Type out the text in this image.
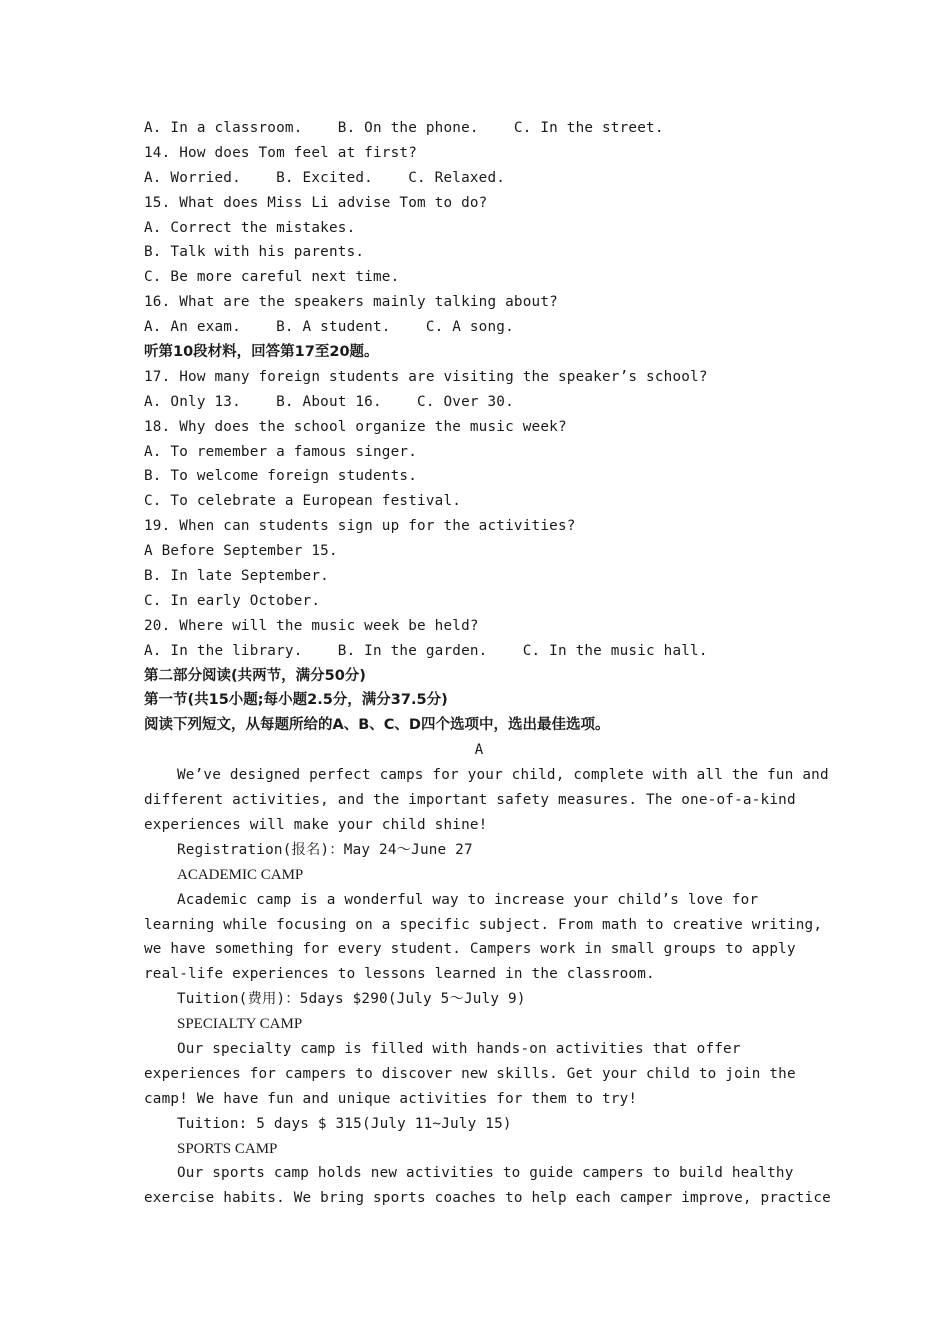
A. In a classroom.    B. On the phone.    C. In the street.
14. How does Tom feel at first?
A. Worried.    B. Excited.    C. Relaxed.
15. What does Miss Li advise Tom to do?
A. Correct the mistakes.
B. Talk with his parents.
C. Be more careful next time.
16. What are the speakers mainly talking about?
A. An exam.    B. A student.    C. A song.
听第10段材料，回答第17至20题。
17. How many foreign students are visiting the speaker’s school?
A. Only 13.    B. About 16.    C. Over 30.
18. Why does the school organize the music week?
A. To remember a famous singer.
B. To welcome foreign students.
C. To celebrate a European festival.
19. When can students sign up for the activities?
A Before September 15.
B. In late September.
C. In early October.
20. Where will the music week be held?
A. In the library.    B. In the garden.    C. In the music hall.
第二部分阅读(共两节，满分50分)
第一节(共15小题;每小题2.5分，满分37.5分)
阅读下列短文，从每题所给的A、B、C、D四个选项中，选出最佳选项。
A
We’ve designed perfect camps for your child, complete with all the fun and
different activities, and the important safety measures. The one-of-a-kind
experiences will make your child shine!
Registration(报名)：May 24～June 27
ACADEMIC CAMP
Academic camp is a wonderful way to increase your child’s love for
learning while focusing on a specific subject. From math to creative writing,
we have something for every student. Campers work in small groups to apply
real-life experiences to lessons learned in the classroom.
Tuition(费用)：5days $290(July 5～July 9)
SPECIALTY CAMP
Our specialty camp is filled with hands-on activities that offer
experiences for campers to discover new skills. Get your child to join the
camp! We have fun and unique activities for them to try!
Tuition: 5 days $ 315(July 11~July 15)
SPORTS CAMP
Our sports camp holds new activities to guide campers to build healthy
exercise habits. We bring sports coaches to help each camper improve, practice
